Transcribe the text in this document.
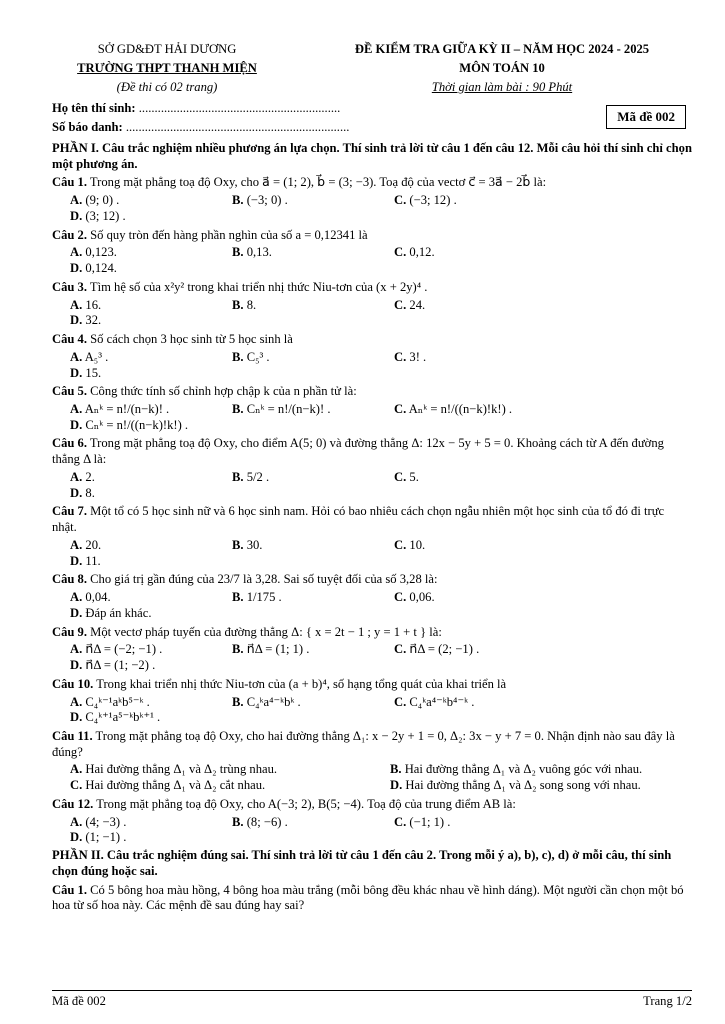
SỞ GD&ĐT HẢI DƯƠNG
TRƯỜNG THPT THANH MIỆN
(Đề thi có 02 trang)
ĐỀ KIỂM TRA GIỮA KỲ II – NĂM HỌC 2024 - 2025
MÔN TOÁN 10
Thời gian làm bài : 90 Phút
Họ tên thí sinh: ................................................................
Số báo danh: .......................................................................
Mã đề 002
PHẦN I. Câu trắc nghiệm nhiều phương án lựa chọn. Thí sinh trả lời từ câu 1 đến câu 12. Mỗi câu hỏi thí sinh chỉ chọn một phương án.
Câu 1. Trong mặt phẳng toạ độ Oxy, cho a⃗ = (1; 2), b⃗ = (3; −3). Toạ độ của vectơ c⃗ = 3a⃗ − 2b⃗ là:
A. (9; 0) .	B. (−3; 0) .	C. (−3; 12) .
D. (3; 12) .
Câu 2. Số quy tròn đến hàng phần nghìn của số a = 0,12341 là
A. 0,123.	B. 0,13.	C. 0,12.
D. 0,124.
Câu 3. Tìm hệ số của x²y² trong khai triển nhị thức Niu-tơn của (x + 2y)⁴ .
A. 16.	B. 8.	C. 24.
D. 32.
Câu 4. Số cách chọn 3 học sinh từ 5 học sinh là
A. A₅³ .	B. C₅³ .	C. 3! .
D. 15.
Câu 5. Công thức tính số chỉnh hợp chập k của n phần tử là:
A. Aₙᵏ = n!/(n−k)! .	B. Cₙᵏ = n!/(n−k)! .	C. Aₙᵏ = n!/((n−k)!k!) .
D. Cₙᵏ = n!/((n−k)!k!) .
Câu 6. Trong mặt phẳng toạ độ Oxy, cho điểm A(5; 0) và đường thẳng Δ: 12x − 5y + 5 = 0. Khoảng cách từ A đến đường thẳng Δ là:
A. 2.	B. 5/2 .	C. 5.
D. 8.
Câu 7. Một tổ có 5 học sinh nữ và 6 học sinh nam. Hỏi có bao nhiêu cách chọn ngẫu nhiên một học sinh của tổ đó đi trực nhật.
A. 20.	B. 30.	C. 10.
D. 11.
Câu 8. Cho giá trị gần đúng của 23/7 là 3,28. Sai số tuyệt đối của số 3,28 là:
A. 0,04.	B. 1/175 .	C. 0,06.
D. Đáp án khác.
Câu 9. Một vectơ pháp tuyến của đường thẳng Δ: { x = 2t − 1 ; y = 1 + t } là:
A. n⃗Δ = (−2; −1) .	B. n⃗Δ = (1; 1) .	C. n⃗Δ = (2; −1) .
D. n⃗Δ = (1; −2) .
Câu 10. Trong khai triển nhị thức Niu-tơn của (a + b)⁴, số hạng tổng quát của khai triển là
A. C₄ᵏ⁻¹aᵏb⁵⁻ᵏ .	B. C₄ᵏa⁴⁻ᵏbᵏ .	C. C₄ᵏa⁴⁻ᵏb⁴⁻ᵏ .
D. C₄ᵏ⁺¹a⁵⁻ᵏbᵏ⁺¹ .
Câu 11. Trong mặt phẳng toạ độ Oxy, cho hai đường thẳng Δ₁: x − 2y + 1 = 0, Δ₂: 3x − y + 7 = 0. Nhận định nào sau đây là đúng?
A. Hai đường thẳng Δ₁ và Δ₂ trùng nhau.	B. Hai đường thẳng Δ₁ và Δ₂ vuông góc với nhau.
C. Hai đường thẳng Δ₁ và Δ₂ cắt nhau.	D. Hai đường thẳng Δ₁ và Δ₂ song song với nhau.
Câu 12. Trong mặt phẳng toạ độ Oxy, cho A(−3; 2), B(5; −4). Toạ độ của trung điểm AB là:
A. (4; −3) .	B. (8; −6) .	C. (−1; 1) .
D. (1; −1) .
PHẦN II. Câu trắc nghiệm đúng sai. Thí sinh trả lời từ câu 1 đến câu 2. Trong mỗi ý a), b), c), d) ở mỗi câu, thí sinh chọn đúng hoặc sai.
Câu 1. Có 5 bông hoa màu hồng, 4 bông hoa màu trắng (mỗi bông đều khác nhau về hình dáng). Một người cần chọn một bó hoa từ số hoa này. Các mệnh đề sau đúng hay sai?
Mã đề 002	Trang 1/2
